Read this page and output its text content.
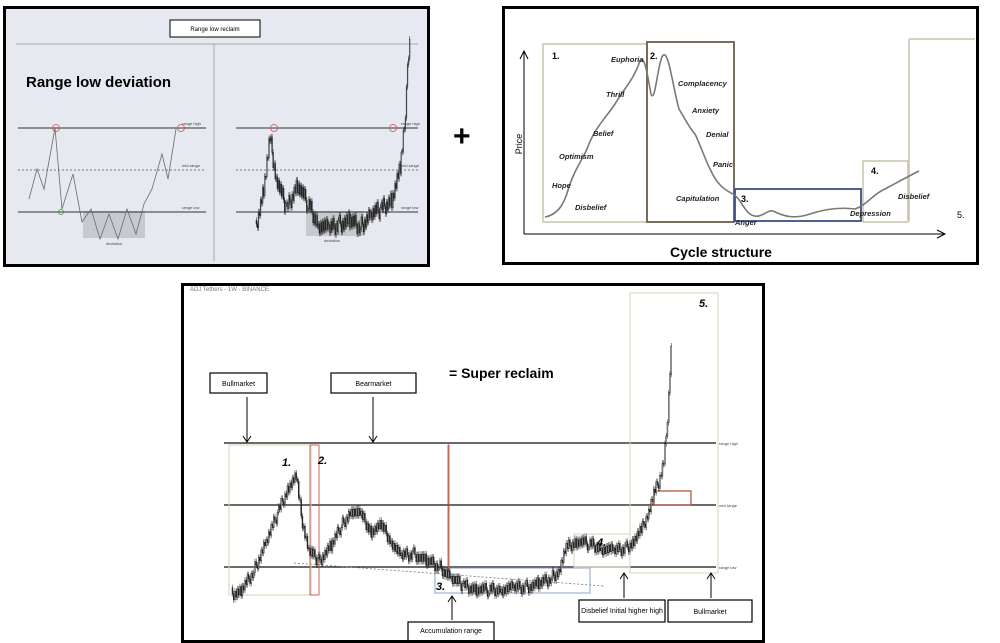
Range low reclaim
Range low deviation
range high
mid-range
range low
deviation
range high
mid-range
range low
deviation
+	Price
1.	2.
3.
4.
5.
Euphoria
Thrill
Belief
Optimism
Hope
Disbelief
Complacency
Anxiety
Denial
Panic
Capitulation
Anger
Depression
Disbelief
Cycle structure
ADJ Tethers - 1W - BINANCE
= Super reclaim
range high
mid-range
range low
1. 2.
3.
4.
5.
Bullmarket	Bearmarket
Accumulation range
Disbelief Initial higher high	Bullmarket
